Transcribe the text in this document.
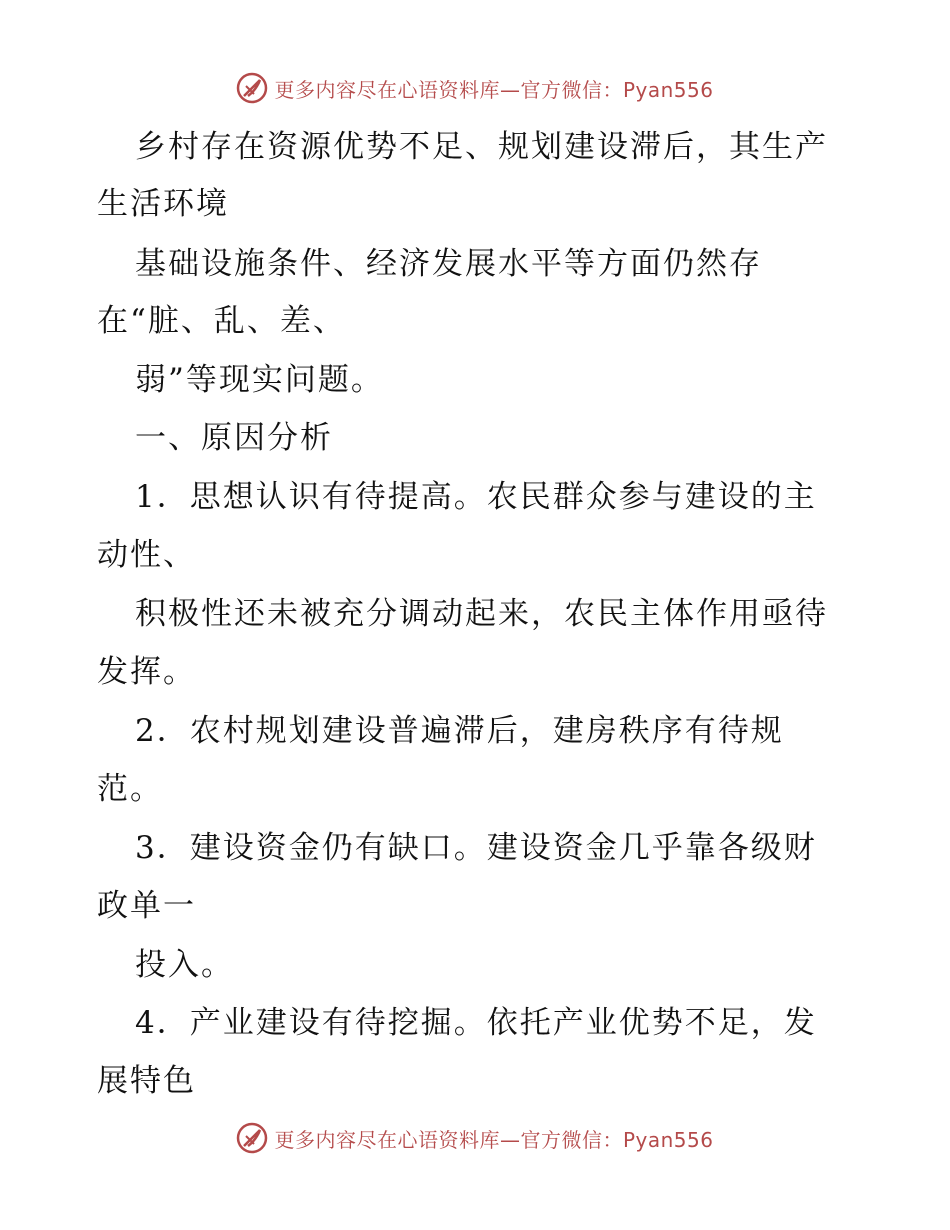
更多内容尽在心语资料库—官方微信：Pyan556
乡村存在资源优势不足、规划建设滞后，其生产
生活环境
基础设施条件、经济发展水平等方面仍然存
在“脏、乱、差、
弱”等现实问题。
一、原因分析
1．思想认识有待提高。农民群众参与建设的主
动性、
积极性还未被充分调动起来，农民主体作用亟待
发挥。
2．农村规划建设普遍滞后，建房秩序有待规
范。
3．建设资金仍有缺口。建设资金几乎靠各级财
政单一
投入。
4．产业建设有待挖掘。依托产业优势不足，发
展特色
更多内容尽在心语资料库—官方微信：Pyan556
